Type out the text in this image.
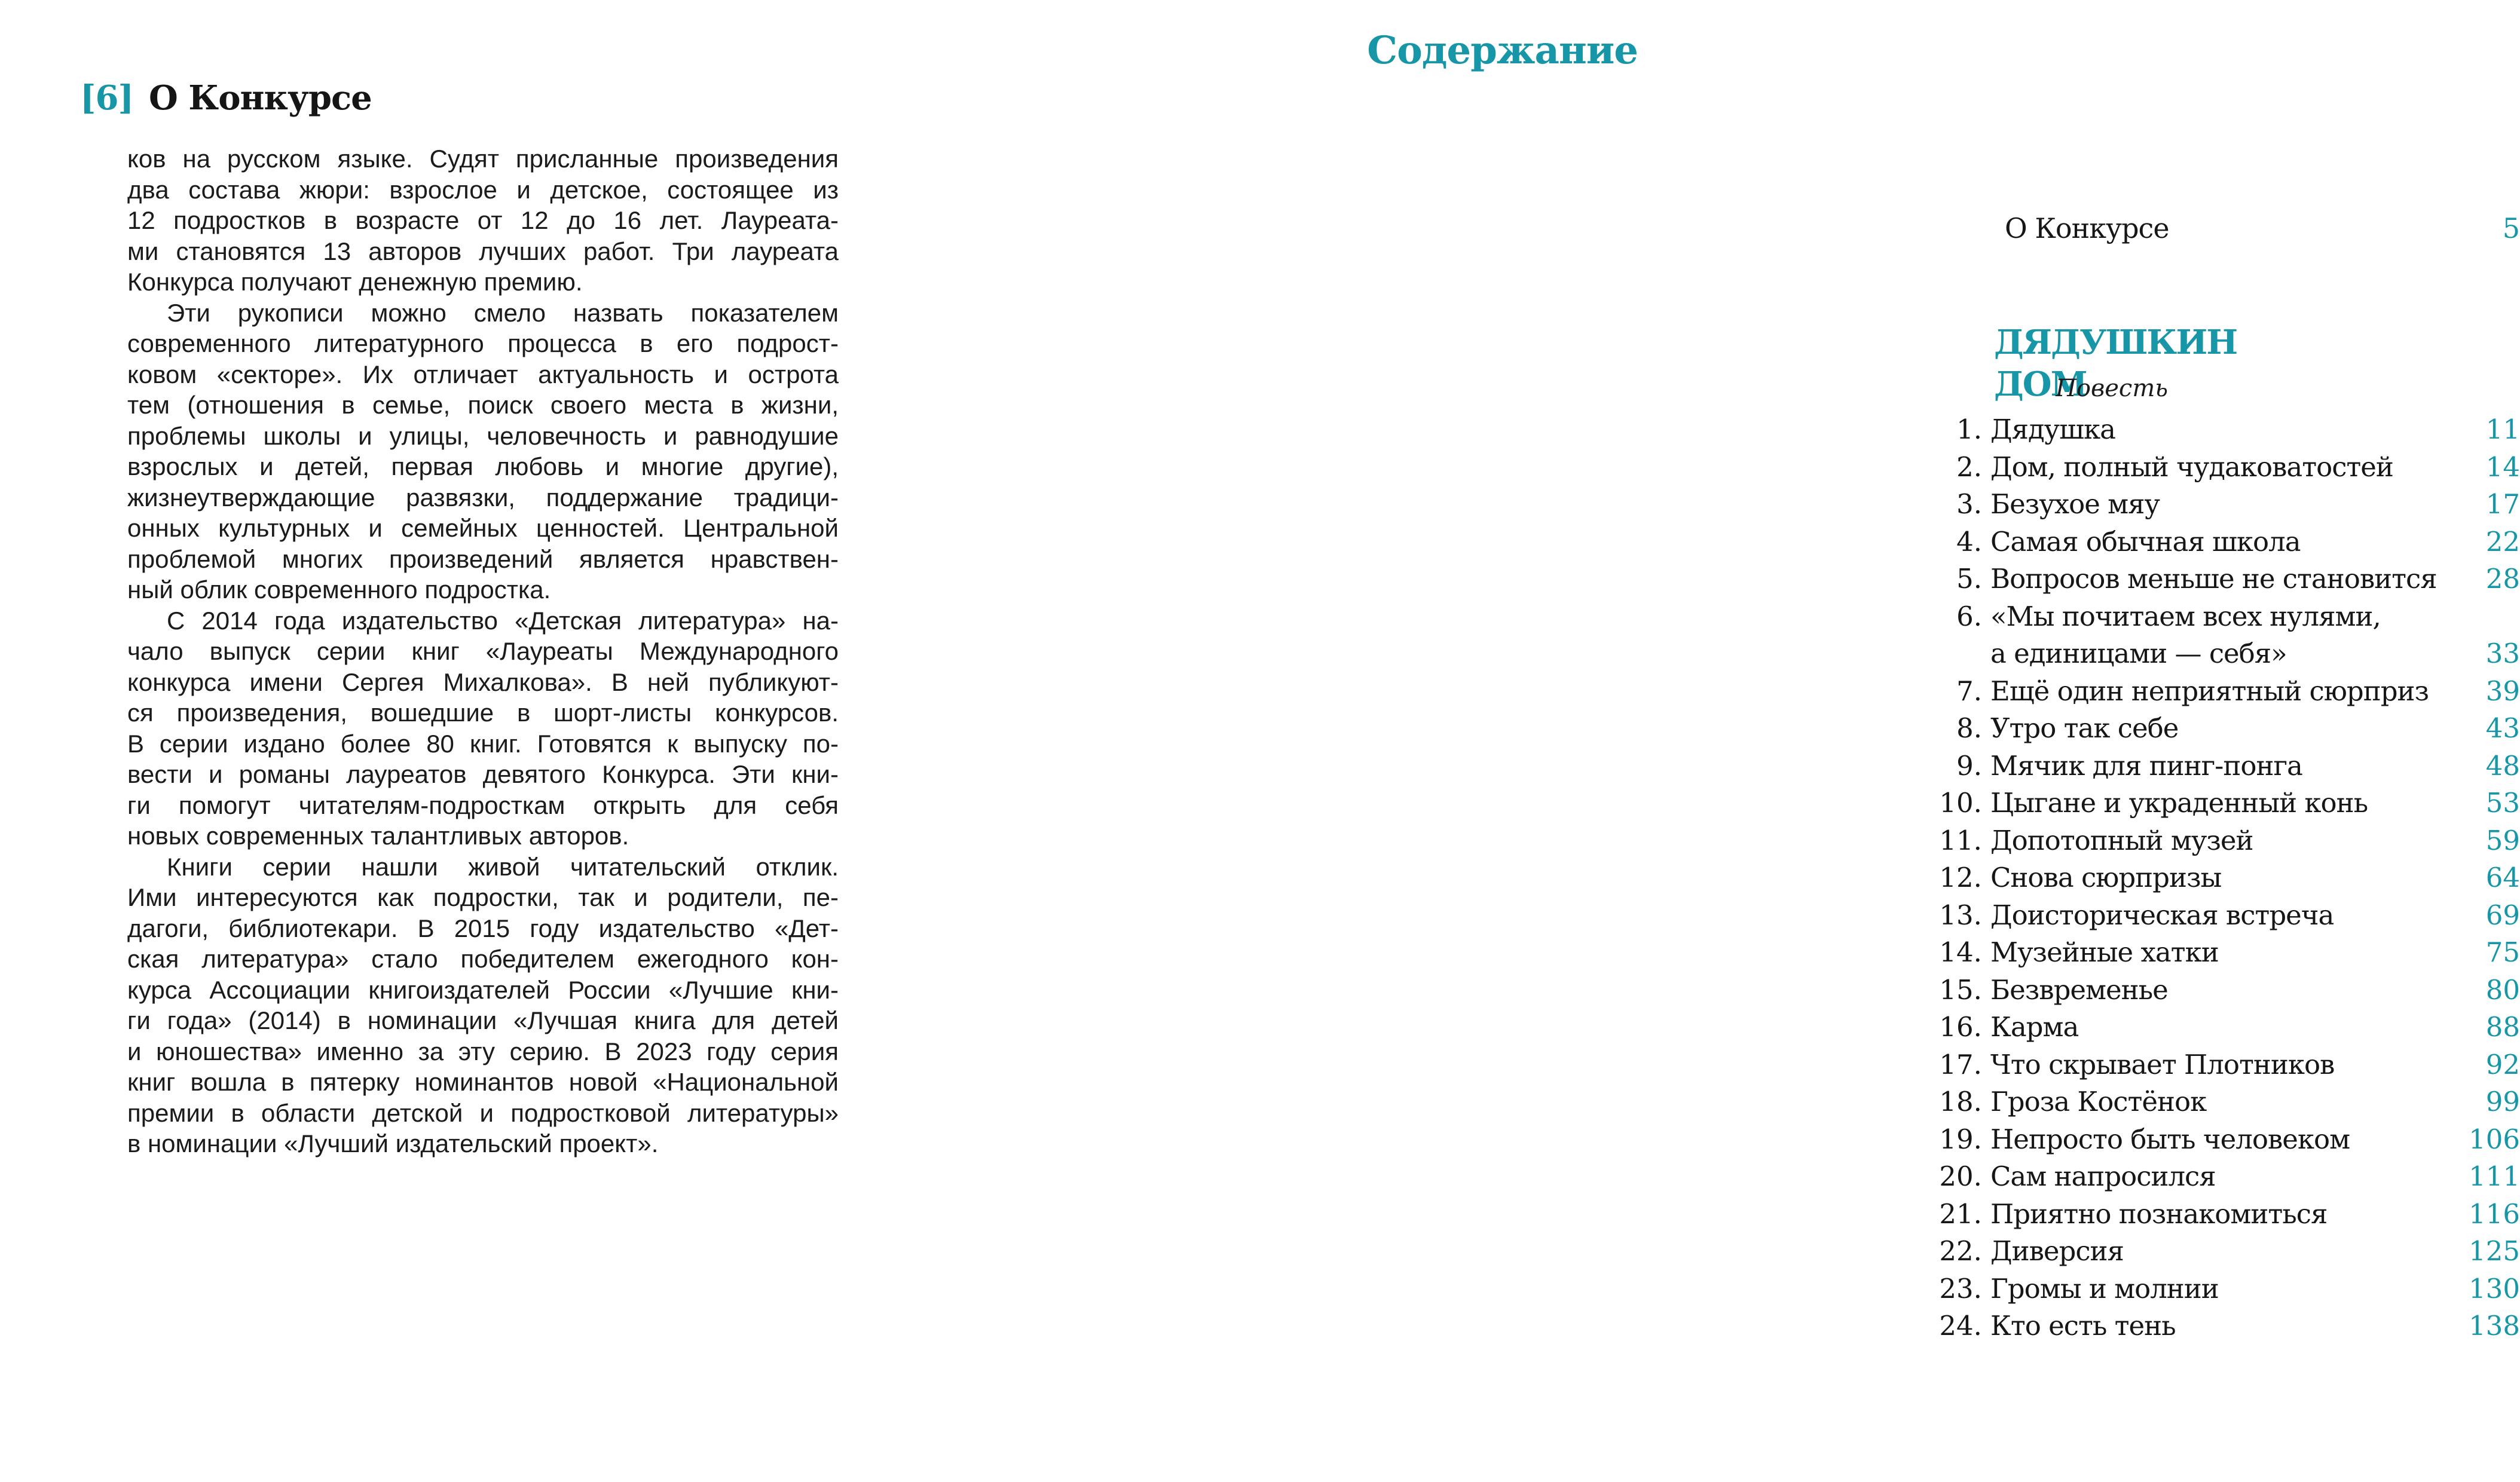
[6] О Конкурсе
ков на русском языке. Судят присланные произведения
два состава жюри: взрослое и детское, состоящее из
12 подростков в возрасте от 12 до 16 лет. Лауреата-
ми становятся 13 авторов лучших работ. Три лауреата
Конкурса получают денежную премию.
Эти рукописи можно смело назвать показателем
современного литературного процесса в его подрост-
ковом «секторе». Их отличает актуальность и острота
тем (отношения в семье, поиск своего места в жизни,
проблемы школы и улицы, человечность и равнодушие
взрослых и детей, первая любовь и многие другие),
жизнеутверждающие развязки, поддержание традици-
онных культурных и семейных ценностей. Центральной
проблемой многих произведений является нравствен-
ный облик современного подростка.
С 2014 года издательство «Детская литература» на-
чало выпуск серии книг «Лауреаты Международного
конкурса имени Сергея Михалкова». В ней публикуют-
ся произведения, вошедшие в шорт-листы конкурсов.
В серии издано более 80 книг. Готовятся к выпуску по-
вести и романы лауреатов девятого Конкурса. Эти кни-
ги помогут читателям-подросткам открыть для себя
новых современных талантливых авторов.
Книги серии нашли живой читательский отклик.
Ими интересуются как подростки, так и родители, пе-
дагоги, библиотекари. В 2015 году издательство «Дет-
ская литература» стало победителем ежегодного кон-
курса Ассоциации книгоиздателей России «Лучшие кни-
ги года» (2014) в номинации «Лучшая книга для детей
и юношества» именно за эту серию. В 2023 году серия
книг вошла в пятерку номинантов новой «Национальной
премии в области детской и подростковой литературы»
в номинации «Лучший издательский проект».
Содержание
О Конкурсе	5
ДЯДУШКИН ДОМ
Повесть
1. Дядушка	11
2. Дом, полный чудаковатостей	14
3. Безухое мяу	17
4. Самая обычная школа	22
5. Вопросов меньше не становится 28
6. «Мы почитаем всех нулями,
а единицами — себя»	33
7. Ещё один неприятный сюрприз 39
8. Утро так себе	43
9. Мячик для пинг-понга	48
10. Цыгане и украденный конь	53
11. Допотопный музей	59
12. Снова сюрпризы	64
13. Доисторическая встреча	69
14. Музейные хатки	75
15. Безвременье	80
16. Карма	88
17. Что скрывает Плотников	92
18. Гроза Костёнок	99
19. Непросто быть человеком	106
20. Сам напросился	111
21. Приятно познакомиться	116
22. Диверсия	125
23. Громы и молнии	130
24. Кто есть тень	138
